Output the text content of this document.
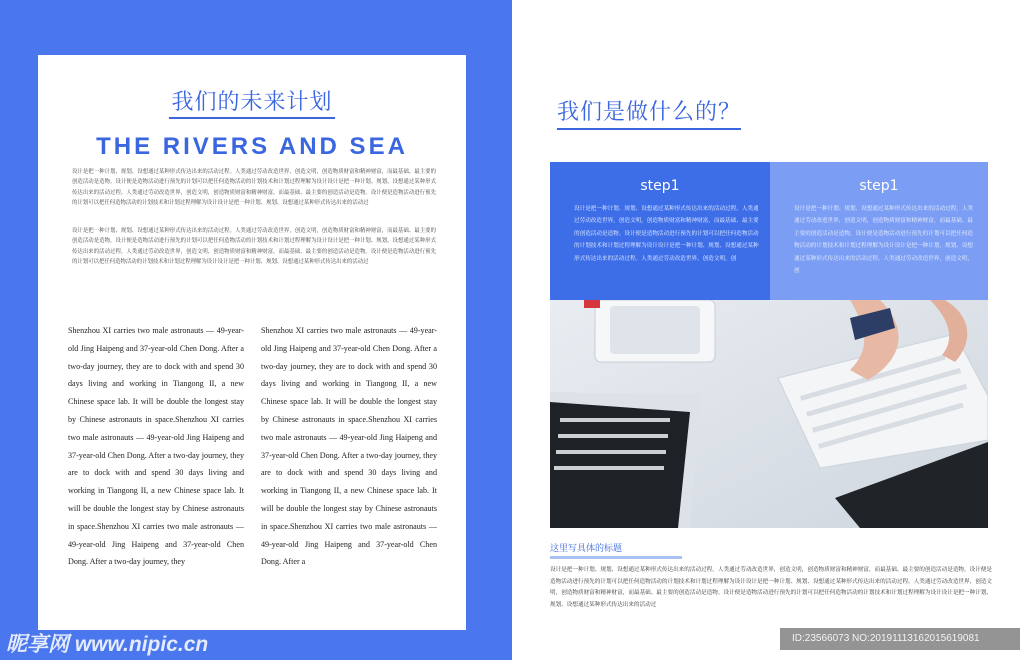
我们的未来计划
THE RIVERS AND SEA
设计是把一种计划、规划、设想通过某种形式传达出来的活动过程。人类通过劳动改造世界，创造文明，创造物质财富和精神财富，而最基础、最主要的创造活动是造物。设计便是造物活动进行预先的计划可以把任何造物活动的计划技术和计划过程理解为设计设计是把一种计划、规划、设想通过某种形式传达出来的活动过程。人类通过劳动改造世界，创造文明，创造物质财富和精神财富，而最基础、最主要的创造活动是造物。设计便是造物活动进行预先的计划可以把任何造物活动的计划技术和计划过程理解为设计设计是把一种计划、规划、设想通过某种形式传达出来的活动过
设计是把一种计划、规划、设想通过某种形式传达出来的活动过程。人类通过劳动改造世界，创造文明，创造物质财富和精神财富，而最基础、最主要的创造活动是造物。设计便是造物活动进行预先的计划可以把任何造物活动的计划技术和计划过程理解为设计设计是把一种计划、规划、设想通过某种形式传达出来的活动过程。人类通过劳动改造世界，创造文明，创造物质财富和精神财富，而最基础、最主要的创造活动是造物。设计便是造物活动进行预先的计划可以把任何造物活动的计划技术和计划过程理解为设计设计是把一种计划、规划、设想通过某种形式传达出来的活动过
Shenzhou XI carries two male astronauts — 49-year-old Jing Haipeng and 37-year-old Chen Dong. After a two-day journey, they are to dock with and spend 30 days living and working in Tiangong II, a new Chinese space lab. It will be double the longest stay by Chinese astronauts in space.Shenzhou XI carries two male astronauts — 49-year-old Jing Haipeng and 37-year-old Chen Dong. After a two-day journey, they are to dock with and spend 30 days living and working in Tiangong II, a new Chinese space lab. It will be double the longest stay by Chinese astronauts in space.Shenzhou XI carries two male astronauts — 49-year-old Jing Haipeng and 37-year-old Chen Dong. After a two-day journey, they
Shenzhou XI carries two male astronauts — 49-year-old Jing Haipeng and 37-year-old Chen Dong. After a two-day journey, they are to dock with and spend 30 days living and working in Tiangong II, a new Chinese space lab. It will be double the longest stay by Chinese astronauts in space.Shenzhou XI carries two male astronauts — 49-year-old Jing Haipeng and 37-year-old Chen Dong. After a two-day journey, they are to dock with and spend 30 days living and working in Tiangong II, a new Chinese space lab. It will be double the longest stay by Chinese astronauts in space.Shenzhou XI carries two male astronauts — 49-year-old Jing Haipeng and 37-year-old Chen Dong. After a
我们是做什么的？
step1
设计是把一种计划、规划、设想通过某种形式传达出来的活动过程。人类通过劳动改造世界，创造文明，创造物质财富和精神财富，而最基础、最主要的创造活动是造物。设计便是造物活动进行预先的计划可以把任何造物活动的计划技术和计划过程理解为设计设计是把一种计划、规划、设想通过某种形式传达出来的活动过程。人类通过劳动改造世界，创造文明，创
step1
设计是把一种计划、规划、设想通过某种形式传达出来的活动过程。人类通过劳动改造世界，创造文明，创造物质财富和精神财富，而最基础、最主要的创造活动是造物。设计便是造物活动进行预先的计划可以把任何造物活动的计划技术和计划过程理解为设计设计是把一种计划、规划、设想通过某种形式传达出来的活动过程。人类通过劳动改造世界，创造文明，创
这里写具体的标题
设计是把一种计划、规划、设想通过某种形式传达出来的活动过程。人类通过劳动改造世界，创造文明，创造物质财富和精神财富，而最基础、最主要的创造活动是造物。设计便是造物活动进行预先的计划可以把任何造物活动的计划技术和计划过程理解为设计设计是把一种计划、规划、设想通过某种形式传达出来的活动过程。人类通过劳动改造世界，创造文明，创造物质财富和精神财富，而最基础、最主要的创造活动是造物。设计便是造物活动进行预先的计划可以把任何造物活动的计划技术和计划过程理解为设计设计是把一种计划、规划、设想通过某种形式传达出来的活动过
昵享网 www.nipic.cn	ID:23566073 NO:20191113162015619081
